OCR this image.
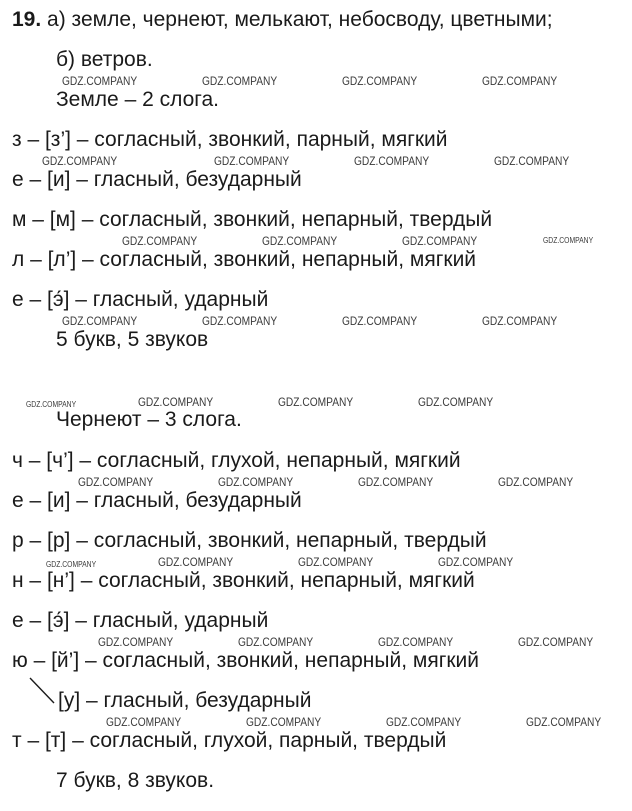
19. а) земле, чернеют, мелькают, небосводу, цветными;
б) ветров.
Земле – 2 слога.
з – [з’] – согласный, звонкий, парный, мягкий
е – [и] – гласный, безударный
м – [м] – согласный, звонкий, непарный, твердый
л – [л’] – согласный, звонкий, непарный, мягкий
е – [э́] – гласный, ударный
5 букв, 5 звуков
Чернеют – 3 слога.
ч – [ч’] – согласный, глухой, непарный, мягкий
е – [и] – гласный, безударный
р – [р] – согласный, звонкий, непарный, твердый
н – [н’] – согласный, звонкий, непарный, мягкий
е – [э́] – гласный, ударный
ю – [й’] – согласный, звонкий, непарный, мягкий
[у] – гласный, безударный
т – [т] – согласный, глухой, парный, твердый
7 букв, 8 звуков.
GDZ.COMPANY	GDZ.COMPANY	GDZ.COMPANY	GDZ.COMPANY
GDZ.COMPANY	GDZ.COMPANY	GDZ.COMPANY	GDZ.COMPANY
GDZ.COMPANY	GDZ.COMPANY	GDZ.COMPANY	GDZ.COMPANY
GDZ.COMPANY	GDZ.COMPANY	GDZ.COMPANY	GDZ.COMPANY
GDZ.COMPANY	GDZ.COMPANY	GDZ.COMPANY	GDZ.COMPANY
GDZ.COMPANY	GDZ.COMPANY	GDZ.COMPANY	GDZ.COMPANY
GDZ.COMPANY	GDZ.COMPANY	GDZ.COMPANY	GDZ.COMPANY
GDZ.COMPANY	GDZ.COMPANY	GDZ.COMPANY	GDZ.COMPANY
GDZ.COMPANY	GDZ.COMPANY	GDZ.COMPANY	GDZ.COMPANY
